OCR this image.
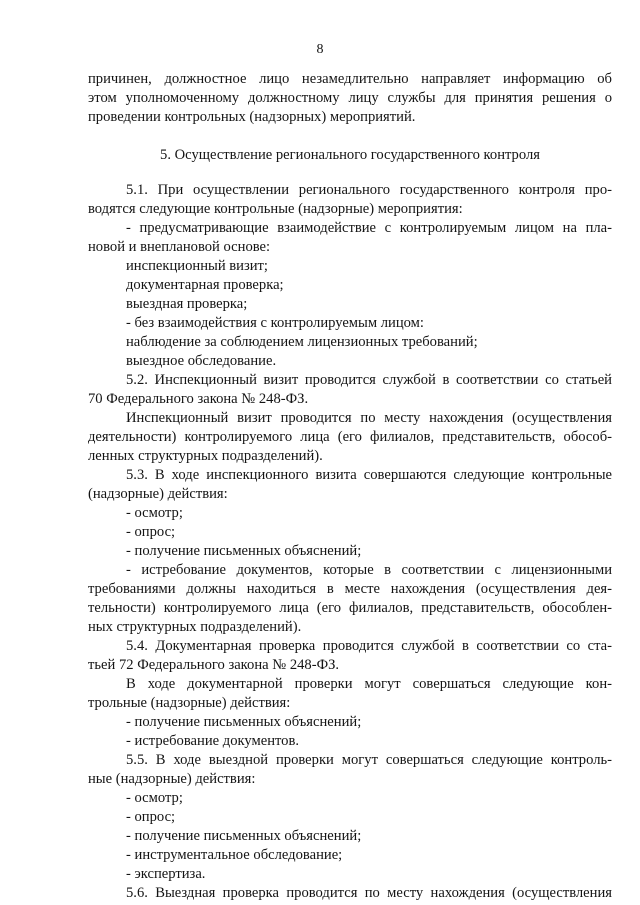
8
причинен, должностное лицо незамедлительно направляет информацию об
этом уполномоченному должностному лицу службы для принятия решения о
проведении контрольных (надзорных) мероприятий.
5. Осуществление регионального государственного контроля
5.1. При осуществлении регионального государственного контроля про-
водятся следующие контрольные (надзорные) мероприятия:
- предусматривающие взаимодействие с контролируемым лицом на пла-
новой и внеплановой основе:
инспекционный визит;
документарная проверка;
выездная проверка;
- без взаимодействия с контролируемым лицом:
наблюдение за соблюдением лицензионных требований;
выездное обследование.
5.2. Инспекционный визит проводится службой в соответствии со статьей
70 Федерального закона № 248-ФЗ.
Инспекционный визит проводится по месту нахождения (осуществления
деятельности) контролируемого лица (его филиалов, представительств, обособ-
ленных структурных подразделений).
5.3. В ходе инспекционного визита совершаются следующие контрольные
(надзорные) действия:
- осмотр;
- опрос;
- получение письменных объяснений;
- истребование документов, которые в соответствии с лицензионными
требованиями должны находиться в месте нахождения (осуществления дея-
тельности) контролируемого лица (его филиалов, представительств, обособлен-
ных структурных подразделений).
5.4. Документарная проверка проводится службой в соответствии со ста-
тьей 72 Федерального закона № 248-ФЗ.
В ходе документарной проверки могут совершаться следующие кон-
трольные (надзорные) действия:
- получение письменных объяснений;
- истребование документов.
5.5. В ходе выездной проверки могут совершаться следующие контроль-
ные (надзорные) действия:
- осмотр;
- опрос;
- получение письменных объяснений;
- инструментальное обследование;
- экспертиза.
5.6. Выездная проверка проводится по месту нахождения (осуществления
